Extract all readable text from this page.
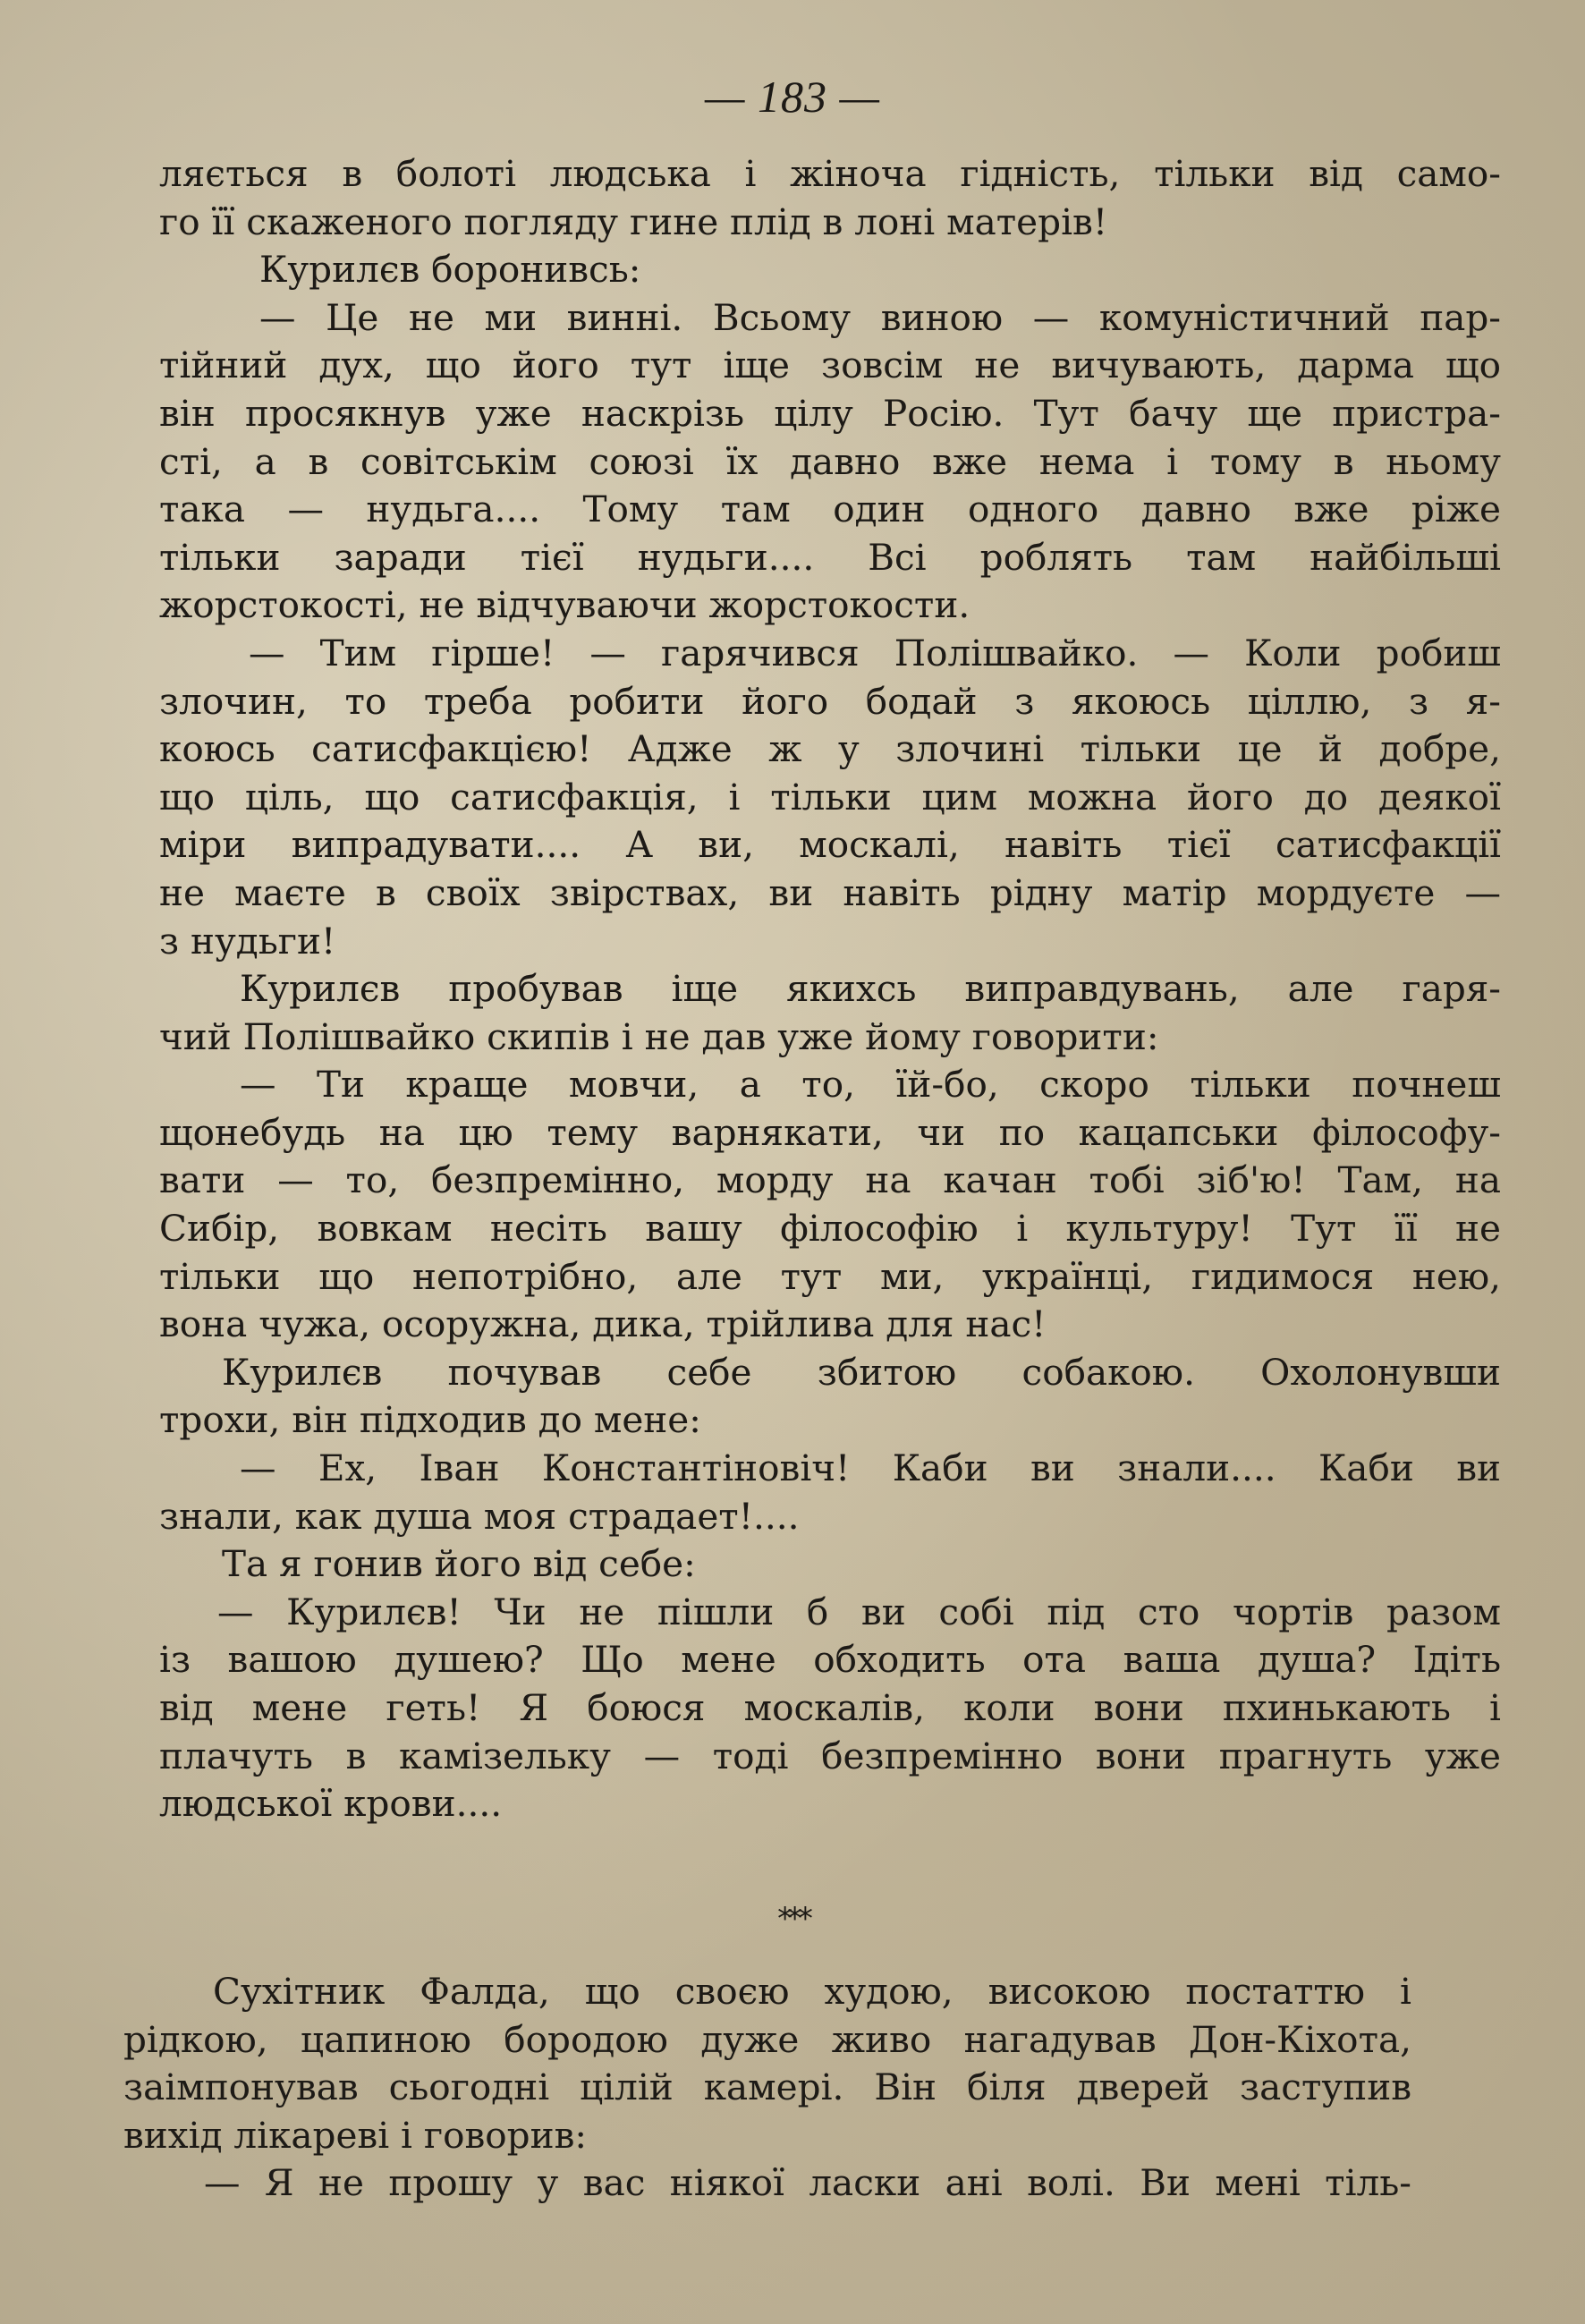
— 183 —
ляється в болоті людська і жіноча гідність, тільки від само-
го її скаженого погляду гине плід в лоні матерів!
Курилєв боронивсь:
— Це не ми винні. Всьому виною — комуністичний пар-
тійний дух, що його тут іще зовсім не вичувають, дарма що
він просякнув уже наскрізь цілу Росію. Тут бачу ще пристра-
сті, а в совітськім союзі їх давно вже нема і тому в ньому
така — нудьга.... Тому там один одного давно вже ріже
тільки заради тієї нудьги.... Всі роблять там найбільші
жорстокості, не відчуваючи жорстокости.
— Тим гірше! — гарячився Полішвайко. — Коли робиш
злочин, то треба робити його бодай з якоюсь ціллю, з я-
коюсь сатисфакцією! Адже ж у злочині тільки це й добре,
що ціль, що сатисфакція, і тільки цим можна його до деякої
міри випрадувати.... А ви, москалі, навіть тієї сатисфакції
не маєте в своїх звірствах, ви навіть рідну матір мордуєте —
з нудьги!
Курилєв пробував іще якихсь виправдувань, але гаря-
чий Полішвайко скипів і не дав уже йому говорити:
— Ти краще мовчи, а то, їй-бо, скоро тільки почнеш
щонебудь на цю тему варнякати, чи по кацапськи філософу-
вати — то, безпремінно, морду на качан тобі зіб'ю! Там, на
Сибір, вовкам несіть вашу філософію і культуру! Тут її не
тільки що непотрібно, але тут ми, українці, гидимося нею,
вона чужа, осоружна, дика, трійлива для нас!
Курилєв почував себе збитою собакою. Охолонувши
трохи, він підходив до мене:
— Ех, Іван Константіновіч! Каби ви знали.... Каби ви
знали, как душа моя страдает!....
Та я гонив його від себе:
— Курилєв! Чи не пішли б ви собі під сто чортів разом
із вашою душею? Що мене обходить ота ваша душа? Ідіть
від мене геть! Я боюся москалів, коли вони пхинькають і
плачуть в камізельку — тоді безпремінно вони прагнуть уже
людської крови....
** *
Сухітник Фалда, що своєю худою, високою постаттю і
рідкою, цапиною бородою дуже живо нагадував Дон-Кіхота,
заімпонував сьогодні цілій камері. Він біля дверей заступив
вихід лікареві і говорив:
— Я не прошу у вас ніякої ласки ані волі. Ви мені тіль-
